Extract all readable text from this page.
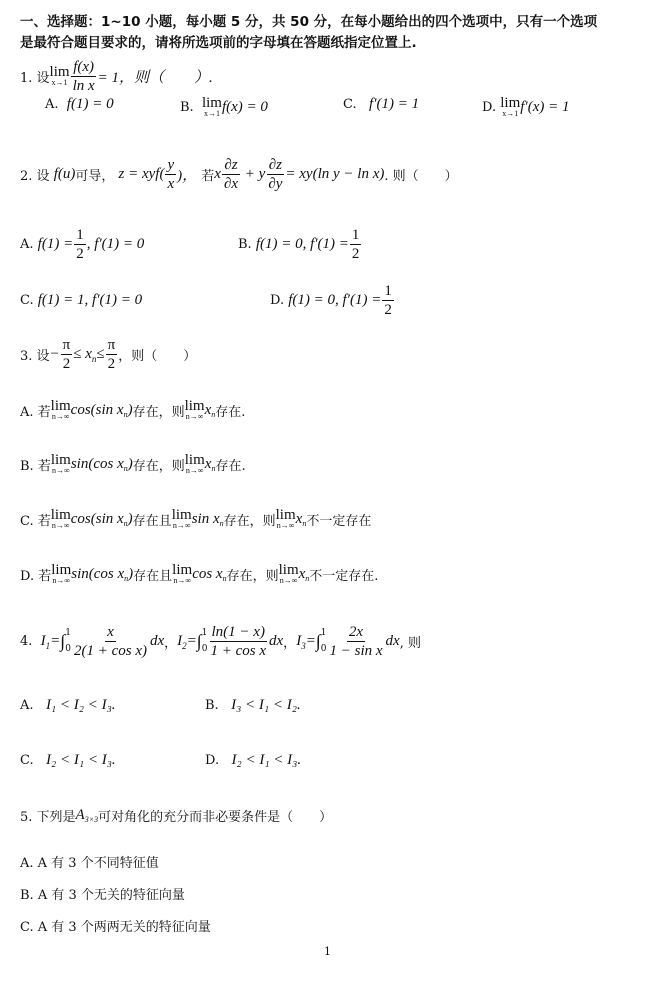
一、选择题：1~10 小题，每小题 5 分，共 50 分，在每小题给出的四个选项中，只有一个选项
是最符合题目要求的，请将所选项前的字母填在答题纸指定位置上.
1. 设 lim
$x\to 1 \frac{f(x)}{\text{ln x}} = 1$，则（　　）.
A.
f(1) = 0	B.
lim
x→1 f(x) = 0	C.
f′(1) = 1	D.
lim
x→1 f′(x) = 1
2. 设
f(u) 可导，
$z = xyf( \frac{y}{x}$ )，
若 x $\frac{\partial z}{\partial x} + y \frac{\partial z}{\partial y} = xy(\ln$ y − ln x) . 则（　　）
A.
$f(1) = \frac{1}{2}$ , f′(1) = 0	B.
f(1) = 0, $f'(1) = \frac{1}{2}$
C.
f(1) = 1, f′(1) = 0	D.
f(1) = 0, $f'(1) = \frac{1}{2}$
3. 设 − $\frac{\pi}{2} \le x$ $n \le \frac{\pi}{2}$ ，则（　　）
A. 若 lim
n→∞ cos(sin x n ) 存在，则 lim
n→∞ x n 存在.
B. 若 lim
n→∞ sin(cos x n ) 存在，则 lim
n→∞ x n 存在.
C. 若 lim
n→∞ cos(sin x n ) 存在且 lim
n→∞ sin x n 存在，则 lim
n→∞ x n 不一定存在
D. 若 lim
n→∞ sin(cos x n ) 存在且 lim
n→∞ cos x n 存在，则 lim
n→∞ x n 不一定存在.
4.
I 1 = ∫ 1
$0 \frac{x}{\text{2(1 + cos x)}}$ dx ， I 2 = ∫ 1
$0 \frac{\ln(1 - x)}{\text{1 + cos x}}$ dx ， I 3 = ∫ 1
$0 \frac{2x}{\text{1 − sin x}}$ dx , 则
A. I₁ < I₂ < I₃.	B. I₃ < I₁ < I₂.
C. I₂ < I₁ < I₃.	D. I₂ < I₁ < I₃.
5. 下列是 A 3×3 可对角化的充分而非必要条件是（　　）
A. A 有 3 个不同特征值
B. A 有 3 个无关的特征向量
C. A 有 3 个两两无关的特征向量
1
